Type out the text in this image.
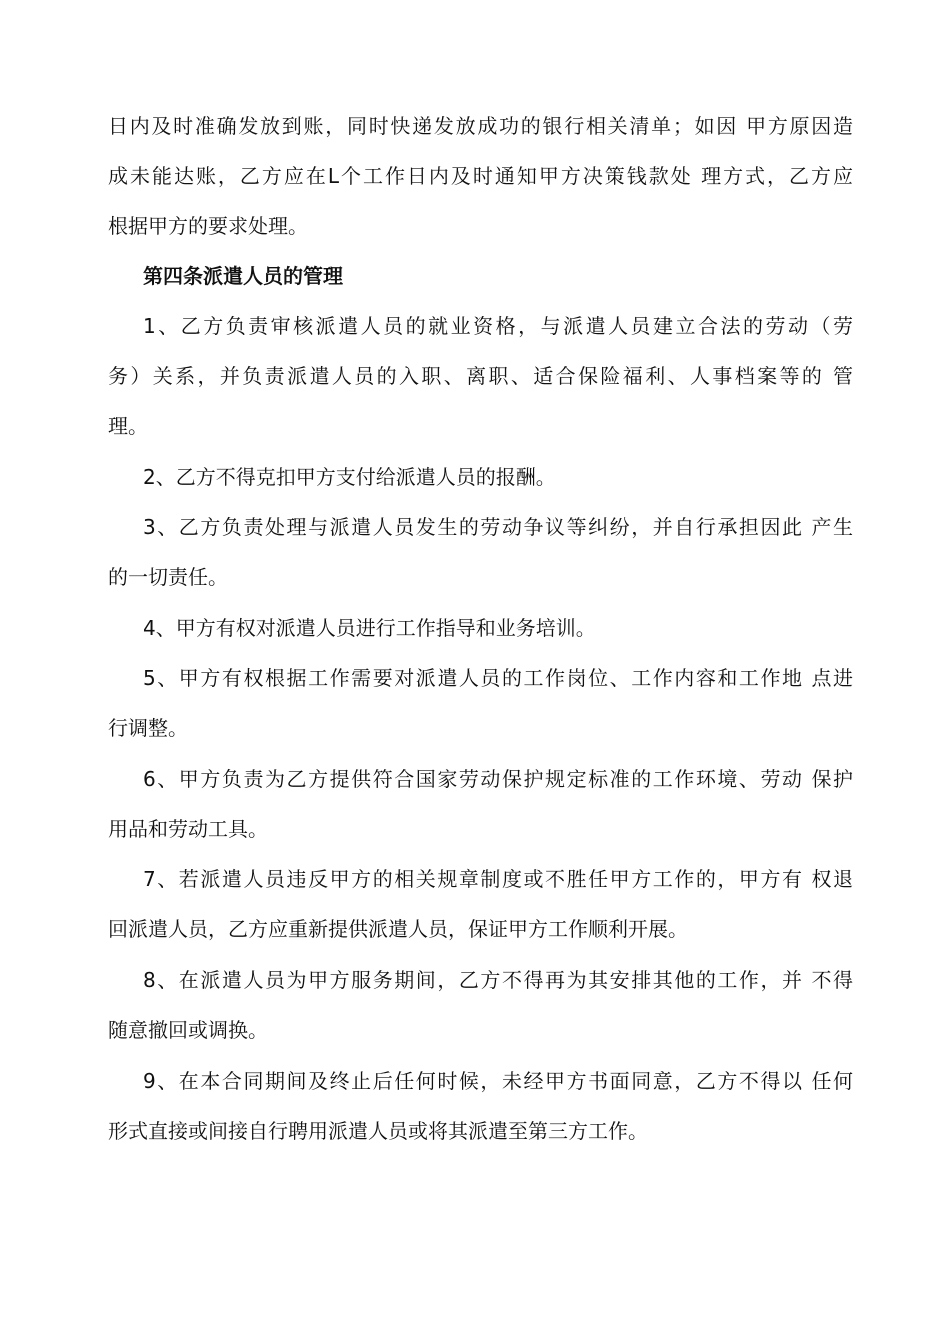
日内及时准确发放到账，同时快递发放成功的银行相关清单；如因 甲方原因造
成未能达账，乙方应在L个工作日内及时通知甲方决策钱款处 理方式，乙方应
根据甲方的要求处理。
第四条派遣人员的管理
1、乙方负责审核派遣人员的就业资格，与派遣人员建立合法的劳动（劳
务）关系，并负责派遣人员的入职、离职、适合保险福利、人事档案等的 管
理。
2、乙方不得克扣甲方支付给派遣人员的报酬。
3、乙方负责处理与派遣人员发生的劳动争议等纠纷，并自行承担因此 产生
的一切责任。
4、甲方有权对派遣人员进行工作指导和业务培训。
5、甲方有权根据工作需要对派遣人员的工作岗位、工作内容和工作地 点进
行调整。
6、甲方负责为乙方提供符合国家劳动保护规定标准的工作环境、劳动 保护
用品和劳动工具。
7、若派遣人员违反甲方的相关规章制度或不胜任甲方工作的，甲方有 权退
回派遣人员，乙方应重新提供派遣人员，保证甲方工作顺利开展。
8、在派遣人员为甲方服务期间，乙方不得再为其安排其他的工作，并 不得
随意撤回或调换。
9、在本合同期间及终止后任何时候，未经甲方书面同意，乙方不得以 任何
形式直接或间接自行聘用派遣人员或将其派遣至第三方工作。
